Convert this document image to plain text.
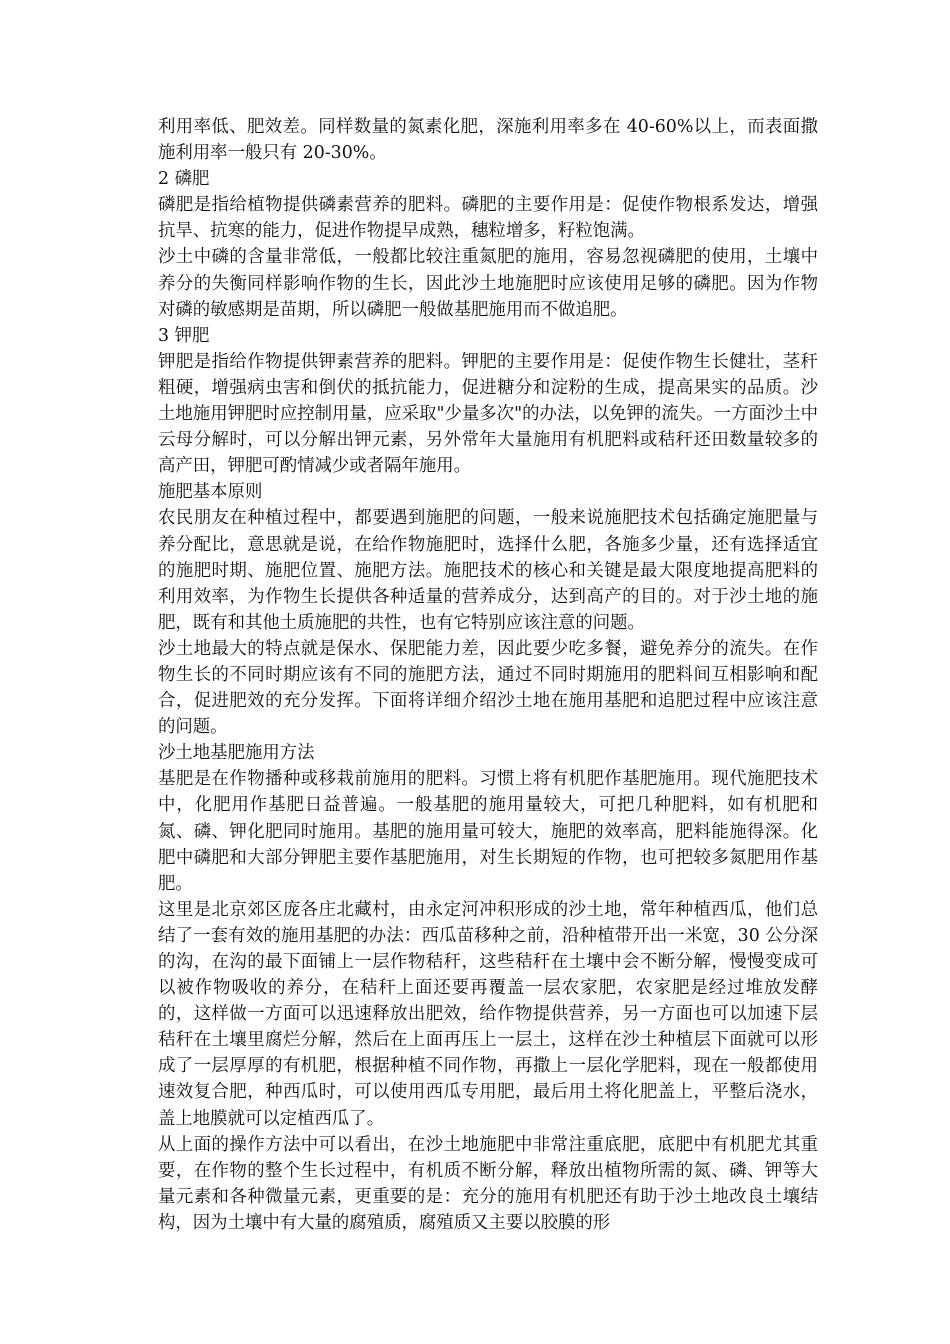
利用率低、肥效差。同样数量的氮素化肥，深施利用率多在 40-60%以上，而表面撒施利用率一般只有 20-30%。

2 磷肥

磷肥是指给植物提供磷素营养的肥料。磷肥的主要作用是：促使作物根系发达，增强抗旱、抗寒的能力，促进作物提早成熟，穗粒增多，籽粒饱满。

沙土中磷的含量非常低，一般都比较注重氮肥的施用，容易忽视磷肥的使用，土壤中养分的失衡同样影响作物的生长，因此沙土地施肥时应该使用足够的磷肥。因为作物对磷的敏感期是苗期，所以磷肥一般做基肥施用而不做追肥。

3 钾肥

钾肥是指给作物提供钾素营养的肥料。钾肥的主要作用是：促使作物生长健壮，茎秆粗硬，增强病虫害和倒伏的抵抗能力，促进糖分和淀粉的生成，提高果实的品质。沙土地施用钾肥时应控制用量，应采取"少量多次"的办法，以免钾的流失。一方面沙土中云母分解时，可以分解出钾元素，另外常年大量施用有机肥料或秸秆还田数量较多的高产田，钾肥可酌情减少或者隔年施用。

施肥基本原则

农民朋友在种植过程中，都要遇到施肥的问题，一般来说施肥技术包括确定施肥量与养分配比，意思就是说，在给作物施肥时，选择什么肥，各施多少量，还有选择适宜的施肥时期、施肥位置、施肥方法。施肥技术的核心和关键是最大限度地提高肥料的利用效率，为作物生长提供各种适量的营养成分，达到高产的目的。对于沙土地的施肥，既有和其他土质施肥的共性，也有它特别应该注意的问题。

沙土地最大的特点就是保水、保肥能力差，因此要少吃多餐，避免养分的流失。在作物生长的不同时期应该有不同的施肥方法，通过不同时期施用的肥料间互相影响和配合，促进肥效的充分发挥。下面将详细介绍沙土地在施用基肥和追肥过程中应该注意的问题。

沙土地基肥施用方法

基肥是在作物播种或移栽前施用的肥料。习惯上将有机肥作基肥施用。现代施肥技术中，化肥用作基肥日益普遍。一般基肥的施用量较大，可把几种肥料，如有机肥和氮、磷、钾化肥同时施用。基肥的施用量可较大，施肥的效率高，肥料能施得深。化肥中磷肥和大部分钾肥主要作基肥施用，对生长期短的作物，也可把较多氮肥用作基肥。

这里是北京郊区庞各庄北藏村，由永定河冲积形成的沙土地，常年种植西瓜，他们总结了一套有效的施用基肥的办法：西瓜苗移种之前，沿种植带开出一米宽，30 公分深的沟，在沟的最下面铺上一层作物秸秆，这些秸秆在土壤中会不断分解，慢慢变成可以被作物吸收的养分，在秸秆上面还要再覆盖一层农家肥，农家肥是经过堆放发酵的，这样做一方面可以迅速释放出肥效，给作物提供营养，另一方面也可以加速下层秸秆在土壤里腐烂分解，然后在上面再压上一层土，这样在沙土种植层下面就可以形成了一层厚厚的有机肥，根据种植不同作物，再撒上一层化学肥料，现在一般都使用速效复合肥，种西瓜时，可以使用西瓜专用肥，最后用土将化肥盖上，平整后浇水，盖上地膜就可以定植西瓜了。

从上面的操作方法中可以看出，在沙土地施肥中非常注重底肥，底肥中有机肥尤其重要，在作物的整个生长过程中，有机质不断分解，释放出植物所需的氮、磷、钾等大量元素和各种微量元素，更重要的是：充分的施用有机肥还有助于沙土地改良土壤结构，因为土壤中有大量的腐殖质，腐殖质又主要以胶膜的形
